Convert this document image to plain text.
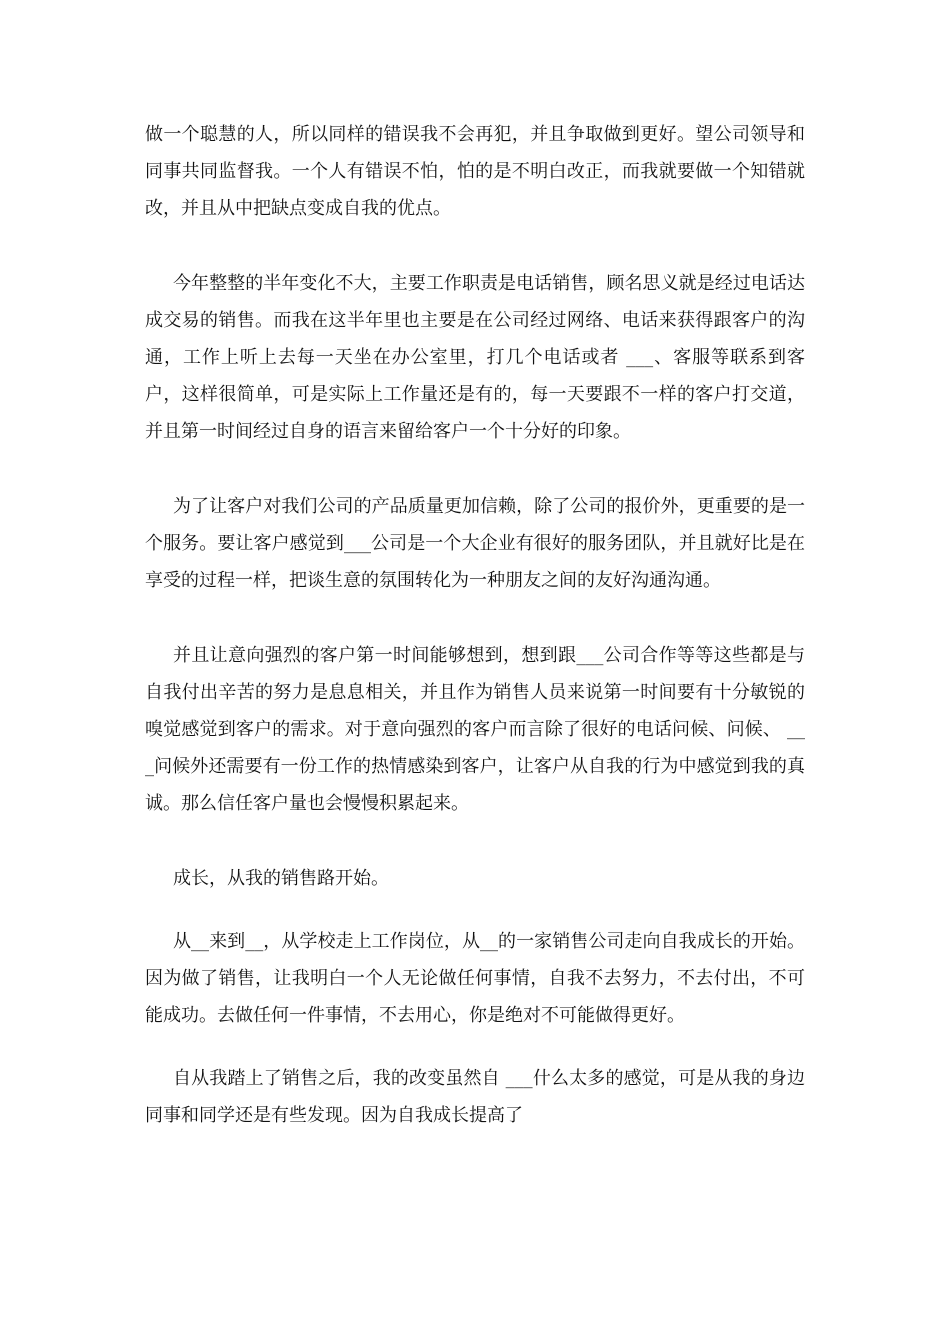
做一个聪慧的人，所以同样的错误我不会再犯，并且争取做到更好。望公司领导和同事共同监督我。一个人有错误不怕，怕的是不明白改正，而我就要做一个知错就改，并且从中把缺点变成自我的优点。

今年整整的半年变化不大，主要工作职责是电话销售，顾名思义就是经过电话达成交易的销售。而我在这半年里也主要是在公司经过网络、电话来获得跟客户的沟通，工作上听上去每一天坐在办公室里，打几个电话或者 ___、客服等联系到客户，这样很简单，可是实际上工作量还是有的，每一天要跟不一样的客户打交道，并且第一时间经过自身的语言来留给客户一个十分好的印象。

为了让客户对我们公司的产品质量更加信赖，除了公司的报价外，更重要的是一个服务。要让客户感觉到___公司是一个大企业有很好的服务团队，并且就好比是在享受的过程一样，把谈生意的氛围转化为一种朋友之间的友好沟通沟通。

并且让意向强烈的客户第一时间能够想到，想到跟___公司合作等等这些都是与自我付出辛苦的努力是息息相关，并且作为销售人员来说第一时间要有十分敏锐的嗅觉感觉到客户的需求。对于意向强烈的客户而言除了很好的电话问候、问候、 ___问候外还需要有一份工作的热情感染到客户，让客户从自我的行为中感觉到我的真诚。那么信任客户量也会慢慢积累起来。

成长，从我的销售路开始。

从__来到__，从学校走上工作岗位，从__的一家销售公司走向自我成长的开始。因为做了销售，让我明白一个人无论做任何事情，自我不去努力，不去付出，不可能成功。去做任何一件事情，不去用心，你是绝对不可能做得更好。

自从我踏上了销售之后，我的改变虽然自 ___什么太多的感觉，可是从我的身边同事和同学还是有些发现。因为自我成长提高了
